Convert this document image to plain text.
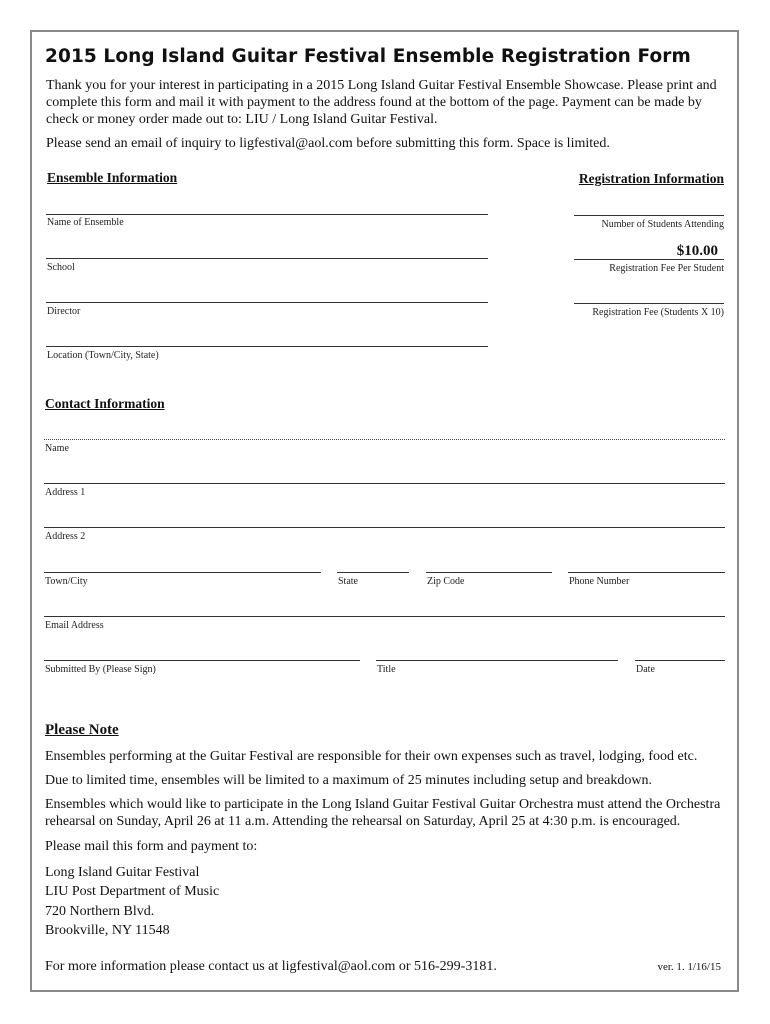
2015 Long Island Guitar Festival Ensemble Registration Form
Thank you for your interest in participating in a 2015 Long Island Guitar Festival Ensemble Showcase. Please print and
complete this form and mail it with payment to the address found at the bottom of the page. Payment can be made by
check or money order made out to: LIU / Long Island Guitar Festival.
Please send an email of inquiry to ligfestival@aol.com before submitting this form. Space is limited.
Ensemble Information
Name of Ensemble
School
Director
Location (Town/City, State)
Registration Information
Number of Students Attending
$10.00
Registration Fee Per Student
Registration Fee (Students X 10)
Contact Information
Name
Address 1
Address 2
Town/City	State	Zip Code	Phone Number
Email Address
Submitted By (Please Sign)	Title	Date
Please Note
Ensembles performing at the Guitar Festival are responsible for their own expenses such as travel, lodging, food etc.
Due to limited time, ensembles will be limited to a maximum of 25 minutes including setup and breakdown.
Ensembles which would like to participate in the Long Island Guitar Festival Guitar Orchestra must attend the Orchestra
rehearsal on Sunday, April 26 at 11 a.m. Attending the rehearsal on Saturday, April 25 at 4:30 p.m. is encouraged.
Please mail this form and payment to:
Long Island Guitar Festival
LIU Post Department of Music
720 Northern Blvd.
Brookville, NY 11548
For more information please contact us at ligfestival@aol.com or 516-299-3181.	ver. 1. 1/16/15
